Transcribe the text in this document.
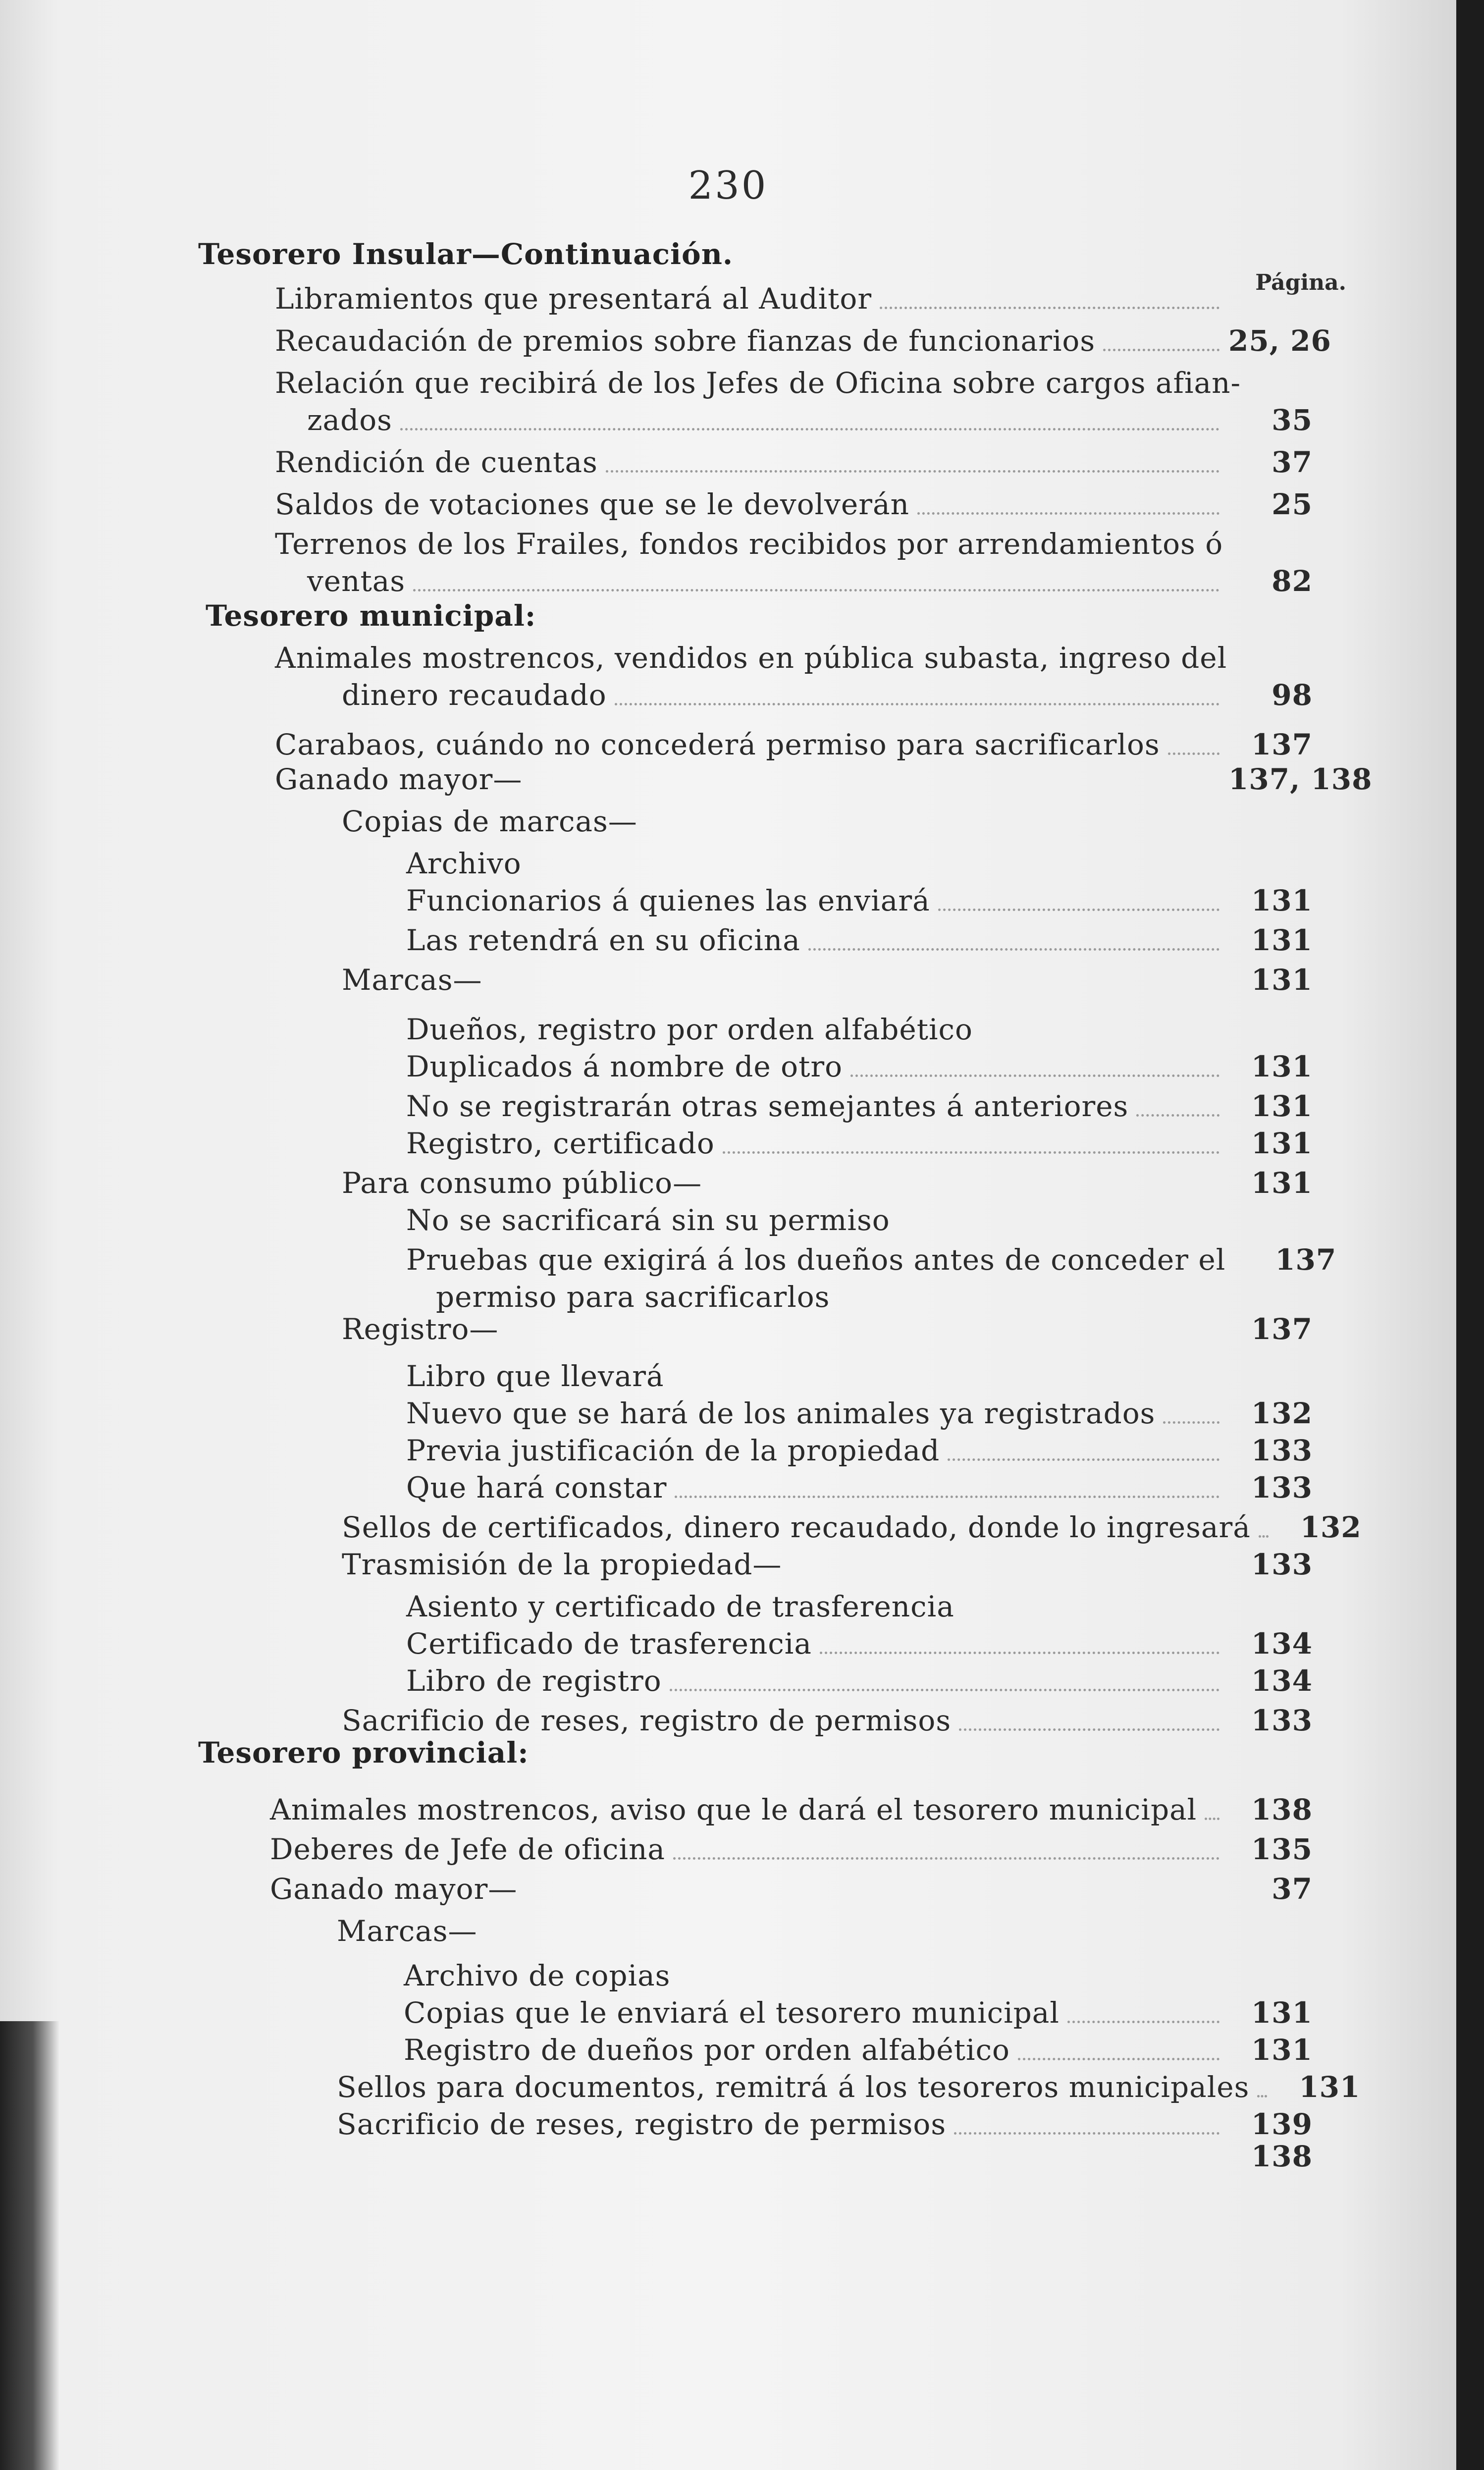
230
Página.
Tesorero Insular—Continuación.
Libramientos que presentará al Auditor
Recaudación de premios sobre fianzas de funcionarios	25, 26
Relación que recibirá de los Jefes de Oficina sobre cargos afian-
zados	35
Rendición de cuentas	37
Saldos de votaciones que se le devolverán	25
Terrenos de los Frailes, fondos recibidos por arrendamientos ó
ventas	82
Tesorero municipal:
Animales mostrencos, vendidos en pública subasta, ingreso del
dinero recaudado	98
Carabaos, cuándo no concederá permiso para sacrificarlos	137
Ganado mayor—	137, 138
Copias de marcas—
Archivo
Funcionarios á quienes las enviará	131
Las retendrá en su oficina	131
Marcas—	131
Dueños, registro por orden alfabético
Duplicados á nombre de otro	131
No se registrarán otras semejantes á anteriores	131
Registro, certificado	131
Para consumo público—	131
No se sacrificará sin su permiso
Pruebas que exigirá á los dueños antes de conceder el	137
permiso para sacrificarlos
Registro—	137
Libro que llevará
Nuevo que se hará de los animales ya registrados	132
Previa justificación de la propiedad	133
Que hará constar	133
Sellos de certificados, dinero recaudado, donde lo ingresará	132
Trasmisión de la propiedad—	133
Asiento y certificado de trasferencia
Certificado de trasferencia	134
Libro de registro	134
Sacrificio de reses, registro de permisos	133
Tesorero provincial:
Animales mostrencos, aviso que le dará el tesorero municipal	138
Deberes de Jefe de oficina	135
Ganado mayor—	37
Marcas—
Archivo de copias
Copias que le enviará el tesorero municipal	131
Registro de dueños por orden alfabético	131
Sellos para documentos, remitrá á los tesoreros municipales	131
Sacrificio de reses, registro de permisos	139
138
